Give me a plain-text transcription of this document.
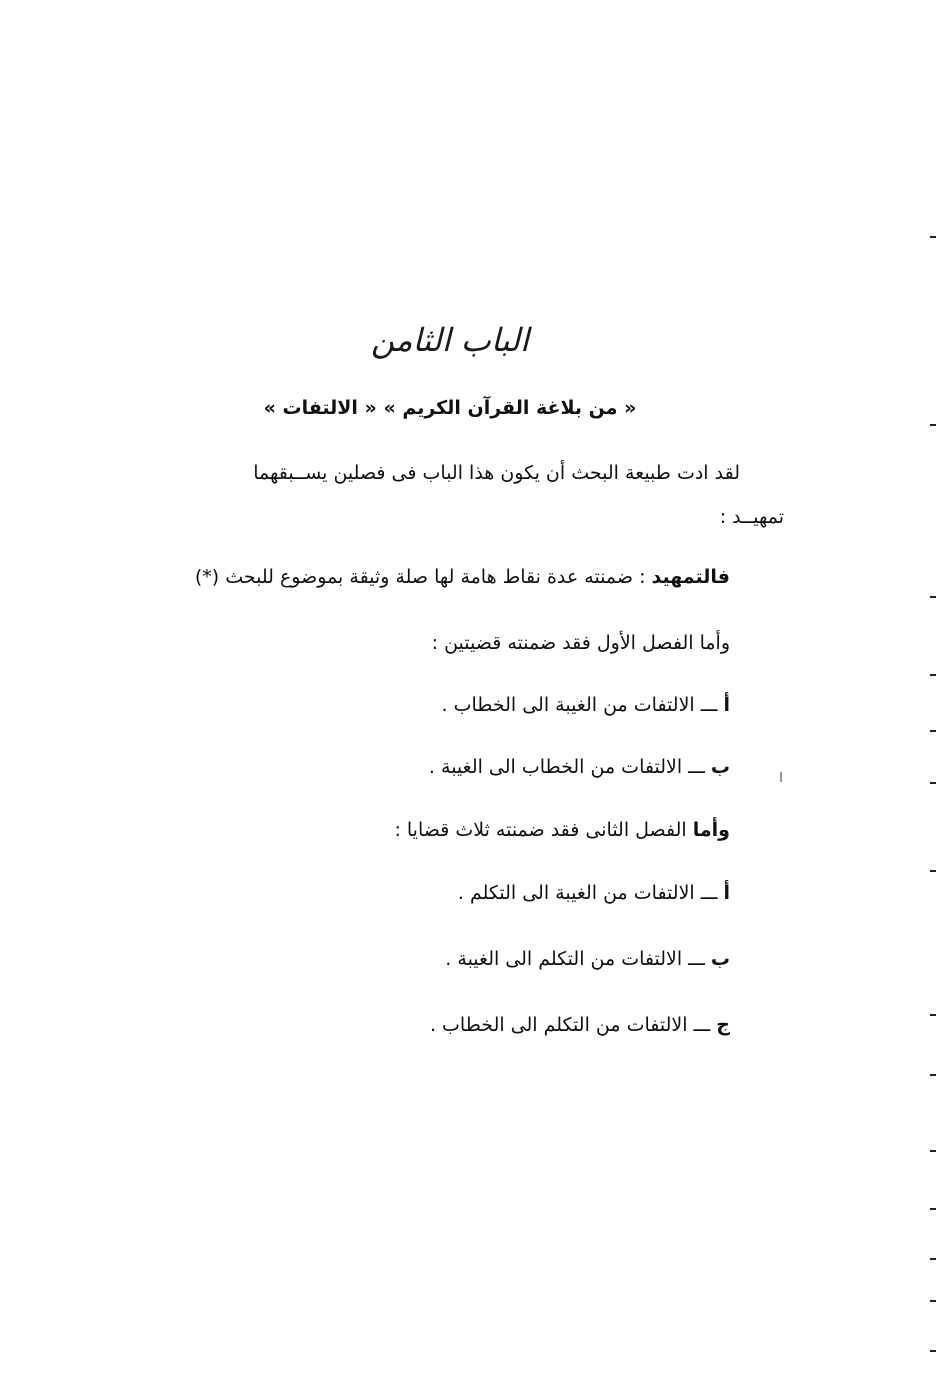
الباب الثامن
« من بلاغة القرآن الكريم » « الالتفات »
لقد ادت طبيعة البحث أن يكون هذا الباب فى فصلين يســبقهما
تمهيــد :
فالتمهيد : ضمنته عدة نقاط هامة لها صلة وثيقة بموضوع للبحث (*)
وأما الفصل الأول فقد ضمنته قضيتين :
أ ـــ الالتفات من الغيبة الى الخطاب .
ب ـــ الالتفات من الخطاب الى الغيبة .
وأما الفصل الثانى فقد ضمنته ثلاث قضايا :
أ ـــ الالتفات من الغيبة الى التكلم .
ب ـــ الالتفات من التكلم الى الغيبة .
ج ـــ الالتفات من التكلم الى الخطاب .
